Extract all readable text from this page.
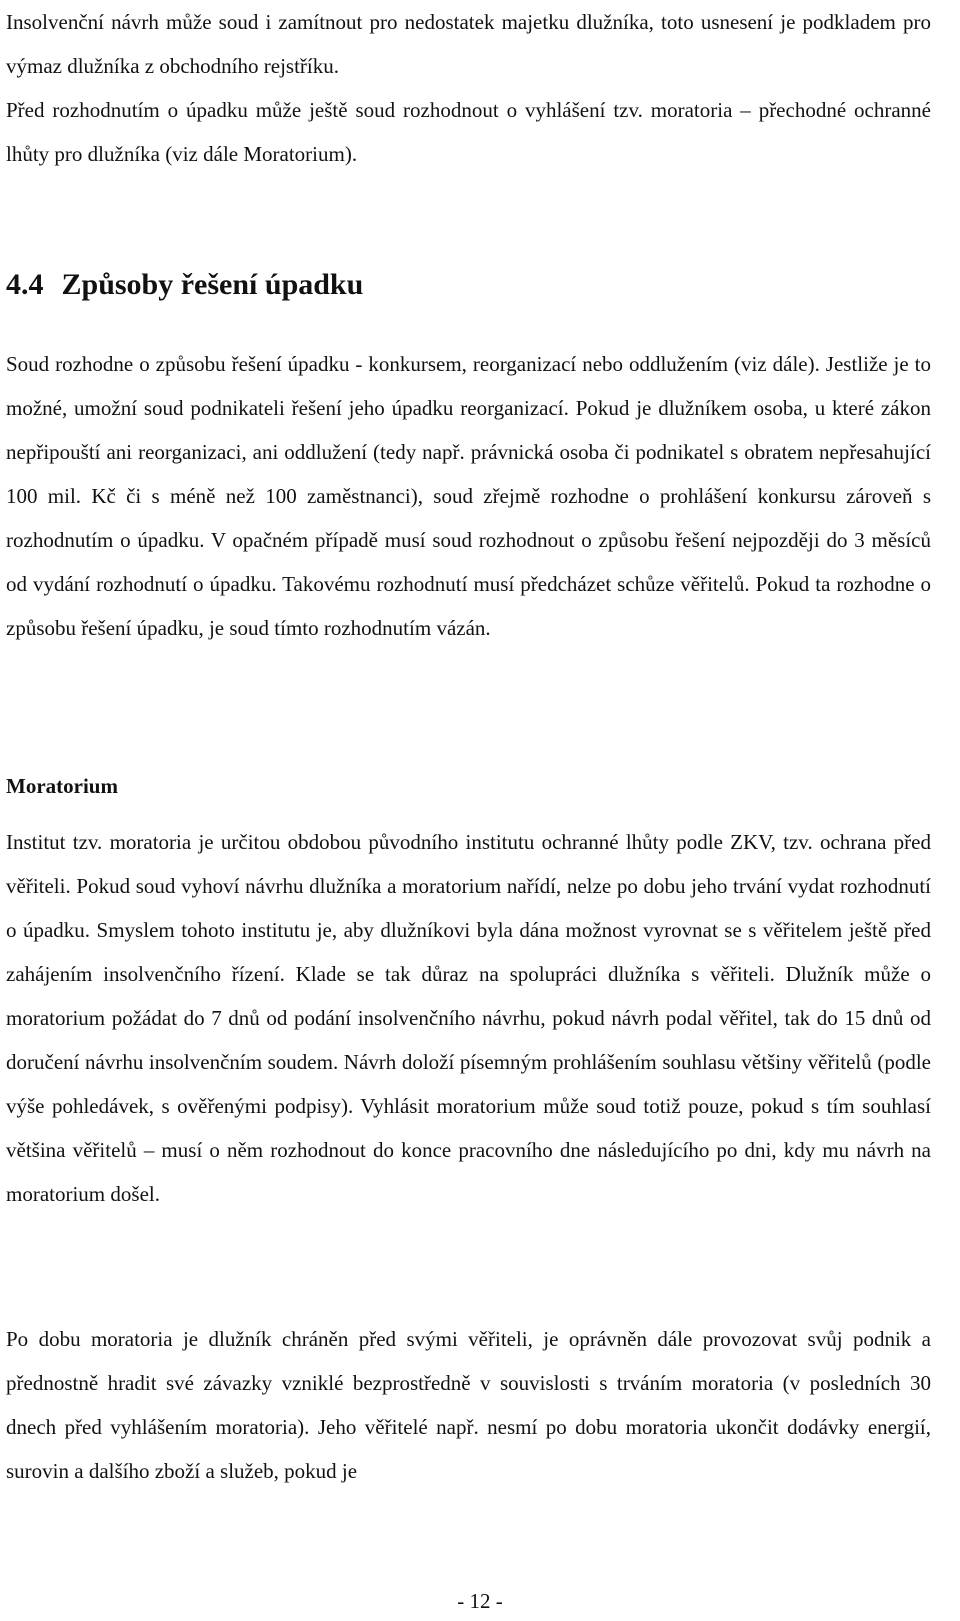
Insolvenční návrh může soud i zamítnout pro nedostatek majetku dlužníka, toto usnesení je podkladem pro výmaz dlužníka z obchodního rejstříku.

Před rozhodnutím o úpadku může ještě soud rozhodnout o vyhlášení tzv. moratoria – přechodné ochranné lhůty pro dlužníka (viz dále Moratorium).

4.4 Způsoby řešení úpadku

Soud rozhodne o způsobu řešení úpadku - konkursem, reorganizací nebo oddlužením (viz dále). Jestliže je to možné, umožní soud podnikateli řešení jeho úpadku reorganizací. Pokud je dlužníkem osoba, u které zákon nepřipouští ani reorganizaci, ani oddlužení (tedy např. právnická osoba či podnikatel s obratem nepřesahující 100 mil. Kč či s méně než 100 zaměstnanci), soud zřejmě rozhodne o prohlášení konkursu zároveň s rozhodnutím o úpadku. V opačném případě musí soud rozhodnout o způsobu řešení nejpozději do 3 měsíců od vydání rozhodnutí o úpadku. Takovému rozhodnutí musí předcházet schůze věřitelů. Pokud ta rozhodne o způsobu řešení úpadku, je soud tímto rozhodnutím vázán.

Moratorium

Institut tzv. moratoria je určitou obdobou původního institutu ochranné lhůty podle ZKV, tzv. ochrana před věřiteli. Pokud soud vyhoví návrhu dlužníka a moratorium nařídí, nelze po dobu jeho trvání vydat rozhodnutí o úpadku. Smyslem tohoto institutu je, aby dlužníkovi byla dána možnost vyrovnat se s věřitelem ještě před zahájením insolvenčního řízení. Klade se tak důraz na spolupráci dlužníka s věřiteli. Dlužník může o moratorium požádat do 7 dnů od podání insolvenčního návrhu, pokud návrh podal věřitel, tak do 15 dnů od doručení návrhu insolvenčním soudem. Návrh doloží písemným prohlášením souhlasu většiny věřitelů (podle výše pohledávek, s ověřenými podpisy). Vyhlásit moratorium může soud totiž pouze, pokud s tím souhlasí většina věřitelů – musí o něm rozhodnout do konce pracovního dne následujícího po dni, kdy mu návrh na moratorium došel.

Po dobu moratoria je dlužník chráněn před svými věřiteli, je oprávněn dále provozovat svůj podnik a přednostně hradit své závazky vzniklé bezprostředně v souvislosti s trváním moratoria (v posledních 30 dnech před vyhlášením moratoria). Jeho věřitelé např. nesmí po dobu moratoria ukončit dodávky energií, surovin a dalšího zboží a služeb, pokud je

- 12 -
